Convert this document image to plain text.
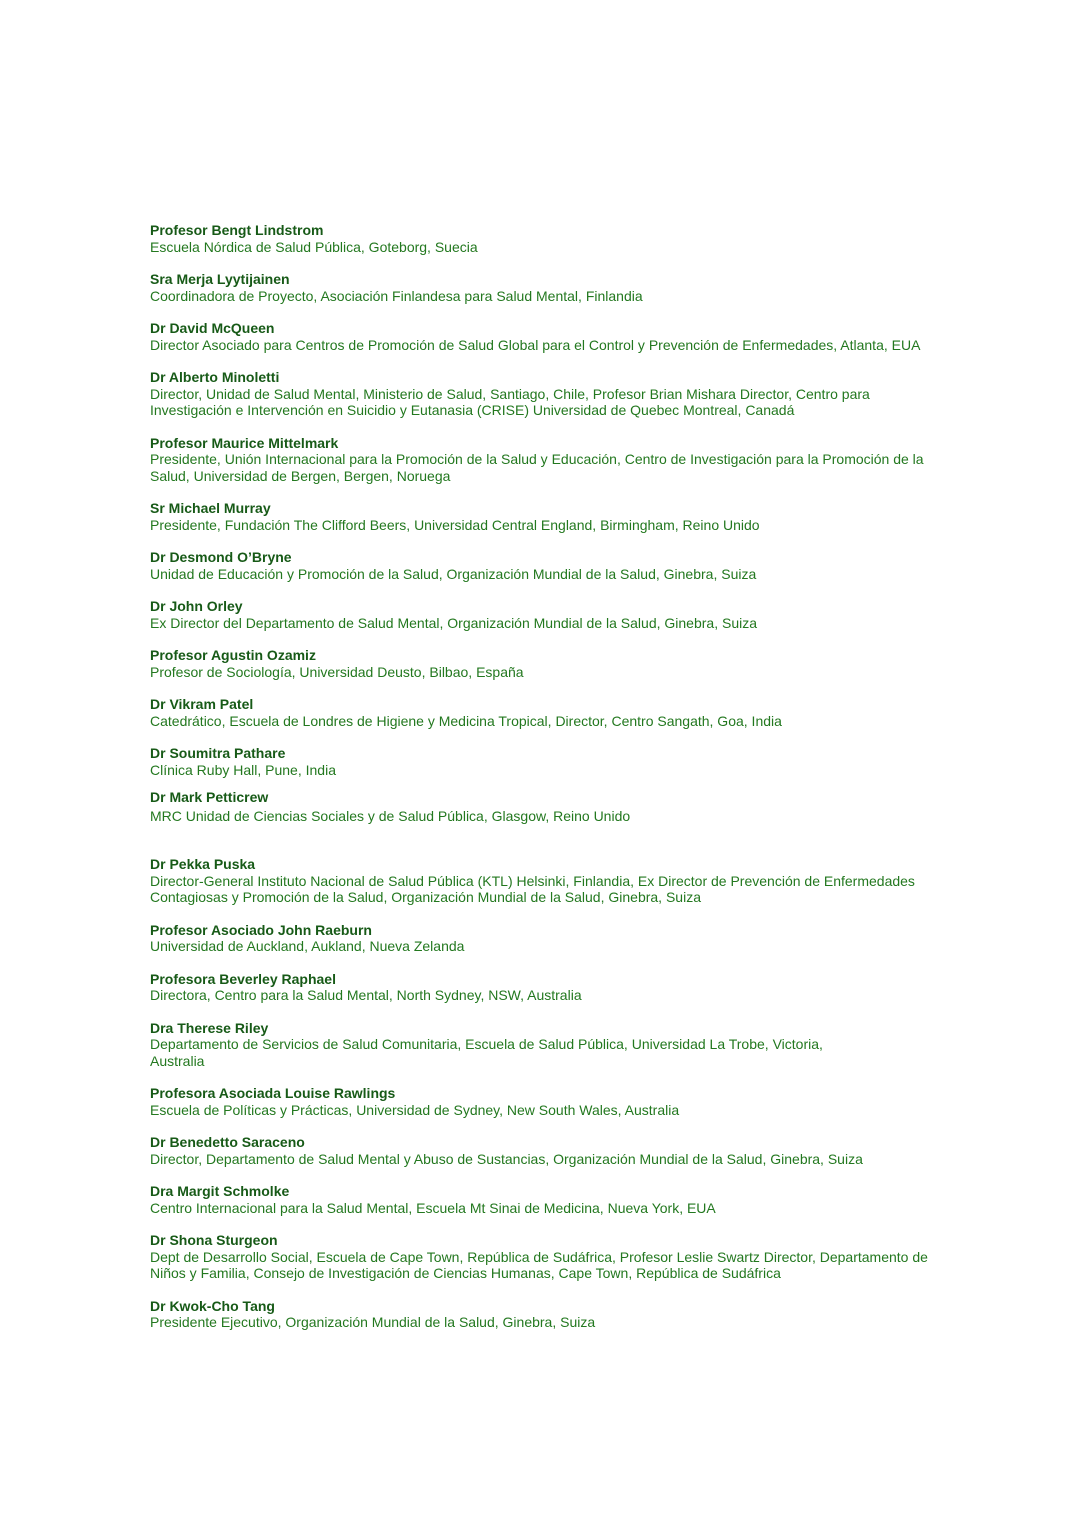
Profesor Bengt Lindstrom
Escuela Nórdica de Salud Pública, Goteborg, Suecia
Sra Merja Lyytijainen
Coordinadora de Proyecto, Asociación Finlandesa para Salud Mental, Finlandia
Dr David McQueen
Director Asociado para Centros de Promoción de Salud Global para el Control y Prevención de Enfermedades, Atlanta, EUA
Dr Alberto Minoletti
Director, Unidad de Salud Mental, Ministerio de Salud, Santiago, Chile, Profesor Brian Mishara Director, Centro para Investigación e Intervención en Suicidio y Eutanasia (CRISE) Universidad de Quebec Montreal, Canadá
Profesor Maurice Mittelmark
Presidente, Unión Internacional para la Promoción de la Salud y Educación, Centro de Investigación para la Promoción de la Salud, Universidad de Bergen, Bergen, Noruega
Sr Michael Murray
Presidente, Fundación The Clifford Beers, Universidad Central England, Birmingham, Reino Unido
Dr Desmond O’Bryne
Unidad de Educación y Promoción de la Salud, Organización Mundial de la Salud, Ginebra, Suiza
Dr John Orley
Ex Director del Departamento de Salud Mental, Organización Mundial de la Salud, Ginebra, Suiza
Profesor Agustin Ozamiz
Profesor de Sociología, Universidad Deusto, Bilbao, España
Dr Vikram Patel
Catedrático, Escuela de Londres de Higiene y Medicina Tropical, Director, Centro Sangath, Goa, India
Dr Soumitra Pathare
Clínica Ruby Hall, Pune, India
Dr Mark Petticrew
MRC Unidad de Ciencias Sociales y de Salud Pública, Glasgow, Reino Unido
Dr Pekka Puska
Director-General Instituto Nacional de Salud Pública (KTL) Helsinki, Finlandia, Ex Director de Prevención de Enfermedades Contagiosas y Promoción de la Salud, Organización Mundial de la Salud, Ginebra, Suiza
Profesor Asociado John Raeburn
Universidad de Auckland, Aukland, Nueva Zelanda
Profesora Beverley Raphael
Directora, Centro para la Salud Mental, North Sydney, NSW, Australia
Dra Therese Riley
Departamento de Servicios de Salud Comunitaria, Escuela de Salud Pública, Universidad La Trobe, Victoria,
Australia
Profesora Asociada Louise Rawlings
Escuela de Políticas y Prácticas, Universidad de Sydney, New South Wales, Australia
Dr Benedetto Saraceno
Director, Departamento de Salud Mental y Abuso de Sustancias, Organización Mundial de la Salud, Ginebra, Suiza
Dra Margit Schmolke
Centro Internacional para la Salud Mental, Escuela Mt Sinai de Medicina, Nueva York, EUA
Dr Shona Sturgeon
Dept de Desarrollo Social, Escuela de Cape Town, República de Sudáfrica, Profesor Leslie Swartz Director, Departamento de Niños y Familia, Consejo de Investigación de Ciencias Humanas, Cape Town, República de Sudáfrica
Dr Kwok-Cho Tang
Presidente Ejecutivo, Organización Mundial de la Salud, Ginebra, Suiza
